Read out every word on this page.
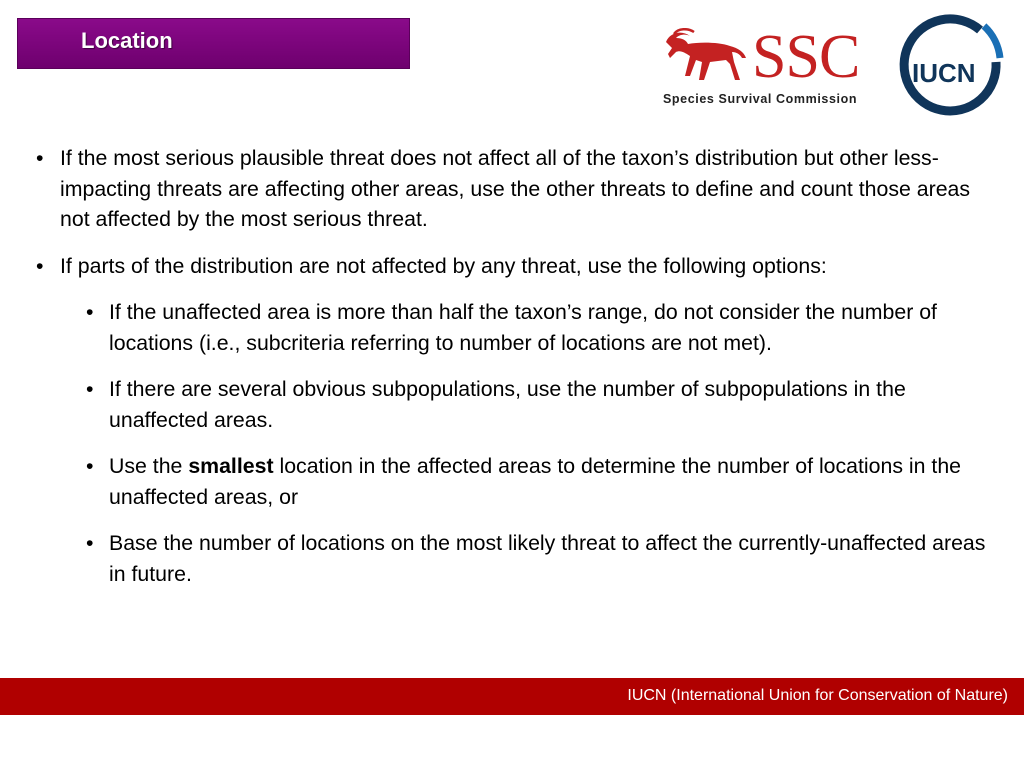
Location	SSC
Species Survival Commission
IUCN
• If the most serious plausible threat does not affect all of the taxon’s distribution but other less-impacting threats are affecting other areas, use the other threats to define and count those areas not affected by the most serious threat.
• If parts of the distribution are not affected by any threat, use the following options:
• If the unaffected area is more than half the taxon’s range, do not consider the number of locations (i.e., subcriteria referring to number of locations are not met).
• If there are several obvious subpopulations, use the number of subpopulations in the unaffected areas.
• Use the smallest location in the affected areas to determine the number of locations in the unaffected areas, or
• Base the number of locations on the most likely threat to affect the currently-unaffected areas in future.
IUCN (International Union for Conservation of Nature)
